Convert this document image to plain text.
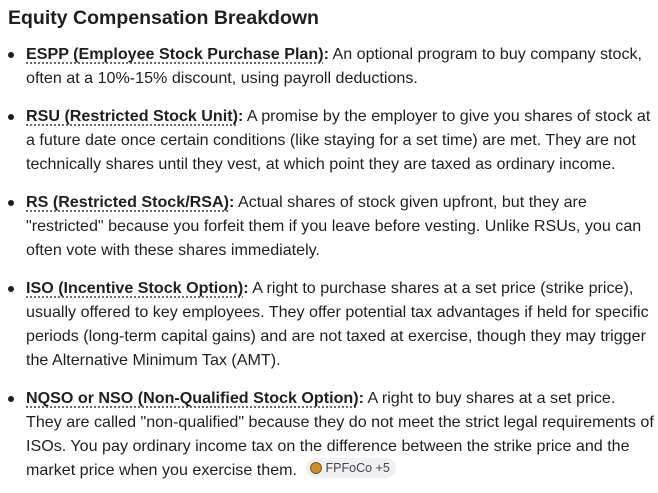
Equity Compensation Breakdown
ESPP (Employee Stock Purchase Plan): An optional program to buy company stock, often at a 10%-15% discount, using payroll deductions.
RSU (Restricted Stock Unit): A promise by the employer to give you shares of stock at a future date once certain conditions (like staying for a set time) are met. They are not technically shares until they vest, at which point they are taxed as ordinary income.
RS (Restricted Stock/RSA): Actual shares of stock given upfront, but they are "restricted" because you forfeit them if you leave before vesting. Unlike RSUs, you can often vote with these shares immediately.
ISO (Incentive Stock Option): A right to purchase shares at a set price (strike price), usually offered to key employees. They offer potential tax advantages if held for specific periods (long-term capital gains) and are not taxed at exercise, though they may trigger the Alternative Minimum Tax (AMT).
NQSO or NSO (Non-Qualified Stock Option): A right to buy shares at a set price. They are called "non-qualified" because they do not meet the strict legal requirements of ISOs. You pay ordinary income tax on the difference between the strike price and the market price when you exercise them. FPFoCo +5
